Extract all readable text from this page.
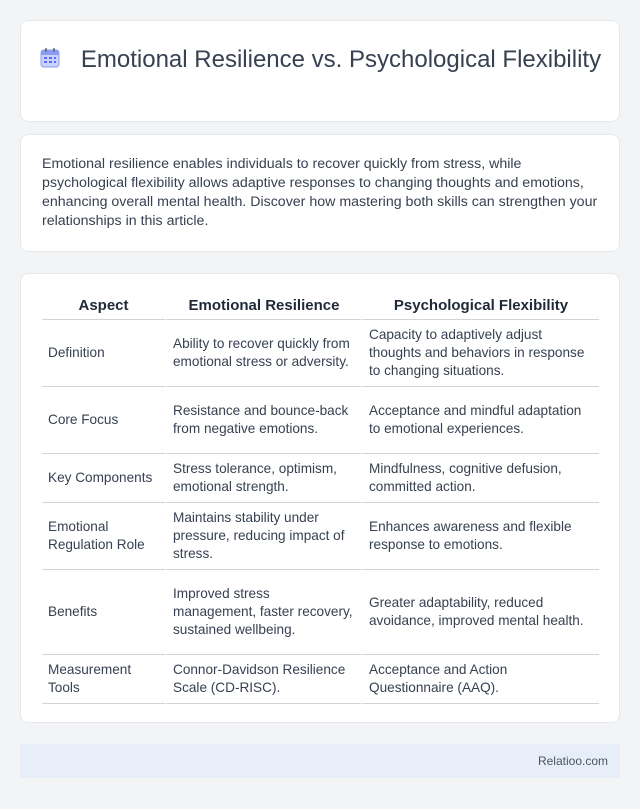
Emotional Resilience vs. Psychological Flexibility

Emotional resilience enables individuals to recover quickly from stress, while psychological flexibility allows adaptive responses to changing thoughts and emotions, enhancing overall mental health. Discover how mastering both skills can strengthen your relationships in this article.

Aspect	Emotional Resilience	Psychological Flexibility
Definition	Ability to recover quickly from emotional stress or adversity.	Capacity to adaptively adjust thoughts and behaviors in response to changing situations.
Core Focus	Resistance and bounce-back from negative emotions.	Acceptance and mindful adaptation to emotional experiences.
Key Components	Stress tolerance, optimism, emotional strength.	Mindfulness, cognitive defusion, committed action.
Emotional Regulation Role	Maintains stability under pressure, reducing impact of stress.	Enhances awareness and flexible response to emotions.
Benefits	Improved stress management, faster recovery, sustained wellbeing.	Greater adaptability, reduced avoidance, improved mental health.
Measurement Tools	Connor-Davidson Resilience Scale (CD-RISC).	Acceptance and Action Questionnaire (AAQ).
Relatioo.com
